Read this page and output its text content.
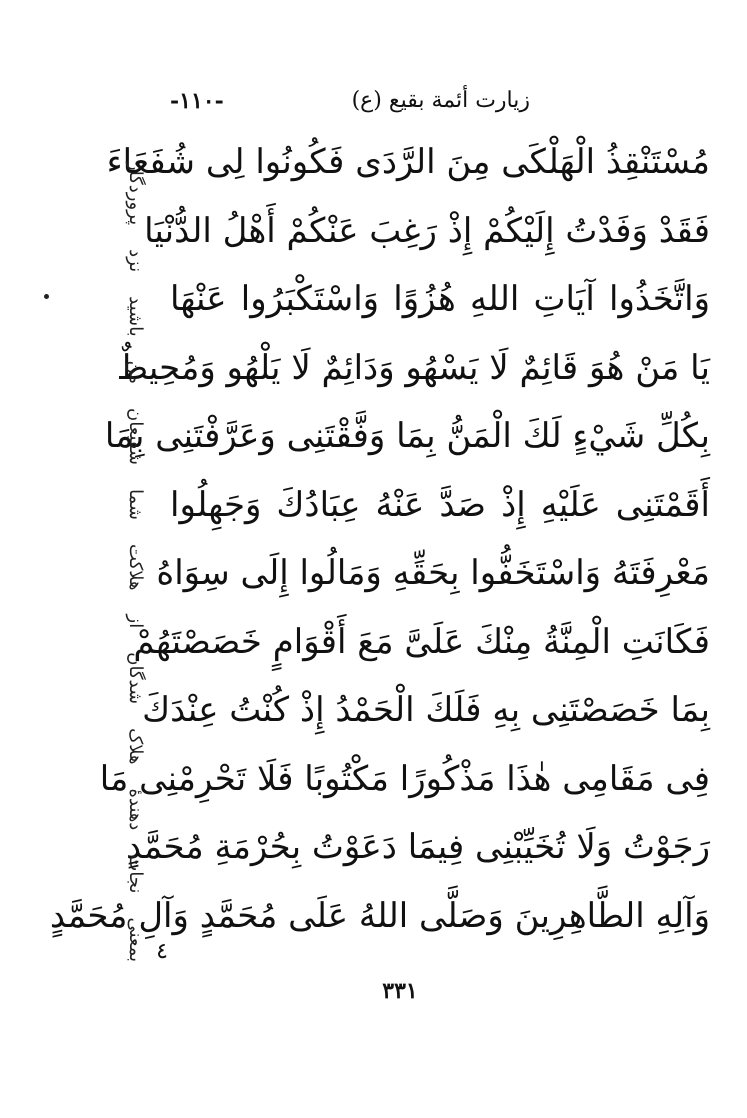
زيارت أئمة بقيع (ع)
-١١٠-
مُسْتَنْقِذُ الْهَلْكَى مِنَ الرَّدَى فَكُونُوا لِى شُفَعَاءَ
فَقَدْ وَفَدْتُ إِلَيْكُمْ إِذْ رَغِبَ عَنْكُمْ أَهْلُ الدُّنْيَا
وَاتَّخَذُوا آيَاتِ اللهِ هُزُوًا وَاسْتَكْبَرُوا عَنْهَا
يَا مَنْ هُوَ قَائِمٌ لَا يَسْهُو وَدَائِمٌ لَا يَلْهُو وَمُحِيطٌ
بِكُلِّ شَيْءٍ لَكَ الْمَنُّ بِمَا وَفَّقْتَنِى وَعَرَّفْتَنِى بِمَا
أَقَمْتَنِى عَلَيْهِ إِذْ صَدَّ عَنْهُ عِبَادُكَ وَجَهِلُوا
مَعْرِفَتَهُ وَاسْتَخَفُّوا بِحَقِّهِ وَمَالُوا إِلَى سِوَاهُ
فَكَانَتِ الْمِنَّةُ مِنْكَ عَلَىَّ مَعَ أَقْوَامٍ خَصَصْتَهُمْ
بِمَا خَصَصْتَنِى بِهِ فَلَكَ الْحَمْدُ إِذْ كُنْتُ عِنْدَكَ
فِى مَقَامِى هٰذَا مَذْكُورًا مَكْتُوبًا فَلَا تَحْرِمْنِى مَا
رَجَوْتُ وَلَا تُخَيِّبْنِى فِيمَا دَعَوْتُ بِحُرْمَةِ مُحَمَّدٍ
وَآلِهِ الطَّاهِرِينَ وَصَلَّى اللهُ عَلَى مُحَمَّدٍ وَآلِ مُحَمَّدٍ
بمعنی نجات دهندهٔ هلاک شدگان از هلاکت شما شفیعان من باشید نزد پروردگار ٤
٣٣١
